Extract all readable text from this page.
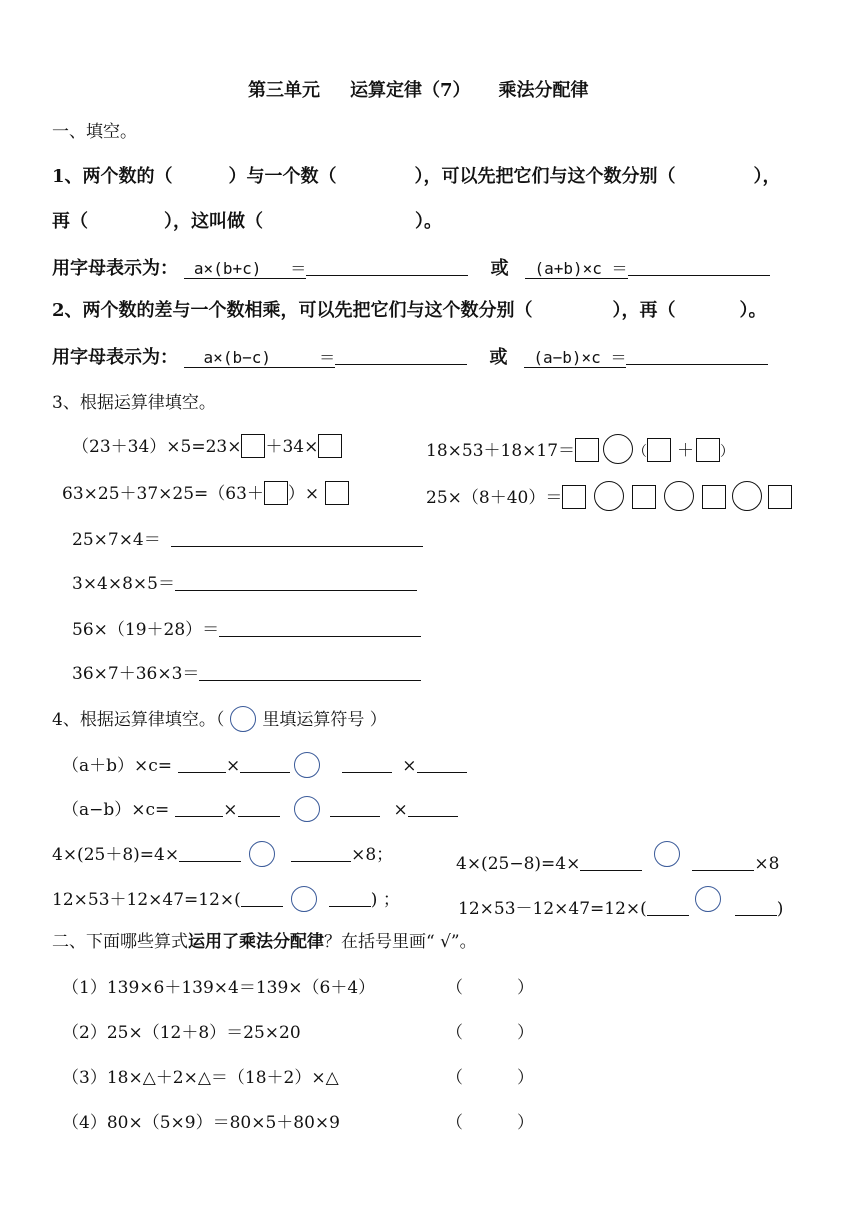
第三单元 运算定律（7） 乘法分配律
一、填空。
1、两个数的（	）与一个数（	），可以先把它们与这个数分别（	），
再（	），这叫做（	）。
用字母表示为： a×(b+c) ＝	或 (a+b)×c ＝
2、两个数的差与一个数相乘，可以先把它们与这个数分别（	），再（	）。
用字母表示为： a×(b−c)	＝	或 (a−b)×c ＝
3、根据运算律填空。
（23＋34）×5=23× ＋34×	18×53＋18×17＝	（ ＋ ）
63×25＋37×25=（63＋ ）×	25×（8＋40）＝
25×7×4＝
3×4×8×5＝
56×（19＋28）＝
36×7＋36×3＝
4、根据运算律填空。（ 里填运算符号 ）
（a＋b）×c=	×	×
（a−b）×c=	×	×
4×(25＋8)=4×	×8；	4×(25−8)=4×	×8
12×53＋12×47=12×(	) ；	12×53－12×47=12×(	)
二、下面哪些算式运用了乘法分配律？在括号里画“ √”。
（1）139×6＋139×4＝139×（6＋4）	（          ）
（2）25×（12＋8）＝25×20	（          ）
（3）18×△＋2×△＝（18＋2）×△	（          ）
（4）80×（5×9）＝80×5＋80×9	（          ）
